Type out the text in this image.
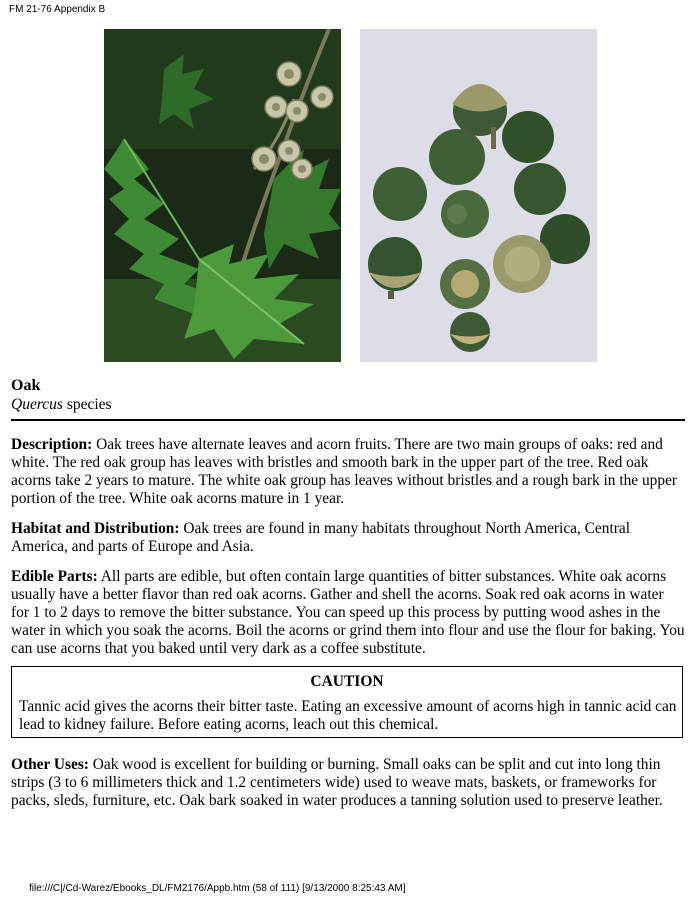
FM 21-76 Appendix B
Oak
Quercus species

Description: Oak trees have alternate leaves and acorn fruits. There are two main groups of oaks: red and white. The red oak group has leaves with bristles and smooth bark in the upper part of the tree. Red oak acorns take 2 years to mature. The white oak group has leaves without bristles and a rough bark in the upper portion of the tree. White oak acorns mature in 1 year.

Habitat and Distribution: Oak trees are found in many habitats throughout North America, Central America, and parts of Europe and Asia.

Edible Parts: All parts are edible, but often contain large quantities of bitter substances. White oak acorns usually have a better flavor than red oak acorns. Gather and shell the acorns. Soak red oak acorns in water for 1 to 2 days to remove the bitter substance. You can speed up this process by putting wood ashes in the water in which you soak the acorns. Boil the acorns or grind them into flour and use the flour for baking. You can use acorns that you baked until very dark as a coffee substitute.

CAUTION
Tannic acid gives the acorns their bitter taste. Eating an excessive amount of acorns high in tannic acid can lead to kidney failure. Before eating acorns, leach out this chemical.

Other Uses: Oak wood is excellent for building or burning. Small oaks can be split and cut into long thin strips (3 to 6 millimeters thick and 1.2 centimeters wide) used to weave mats, baskets, or frameworks for packs, sleds, furniture, etc. Oak bark soaked in water produces a tanning solution used to preserve leather.

file:///C|/Cd-Warez/Ebooks_DL/FM2176/Appb.htm (58 of 111) [9/13/2000 8:25:43 AM]
